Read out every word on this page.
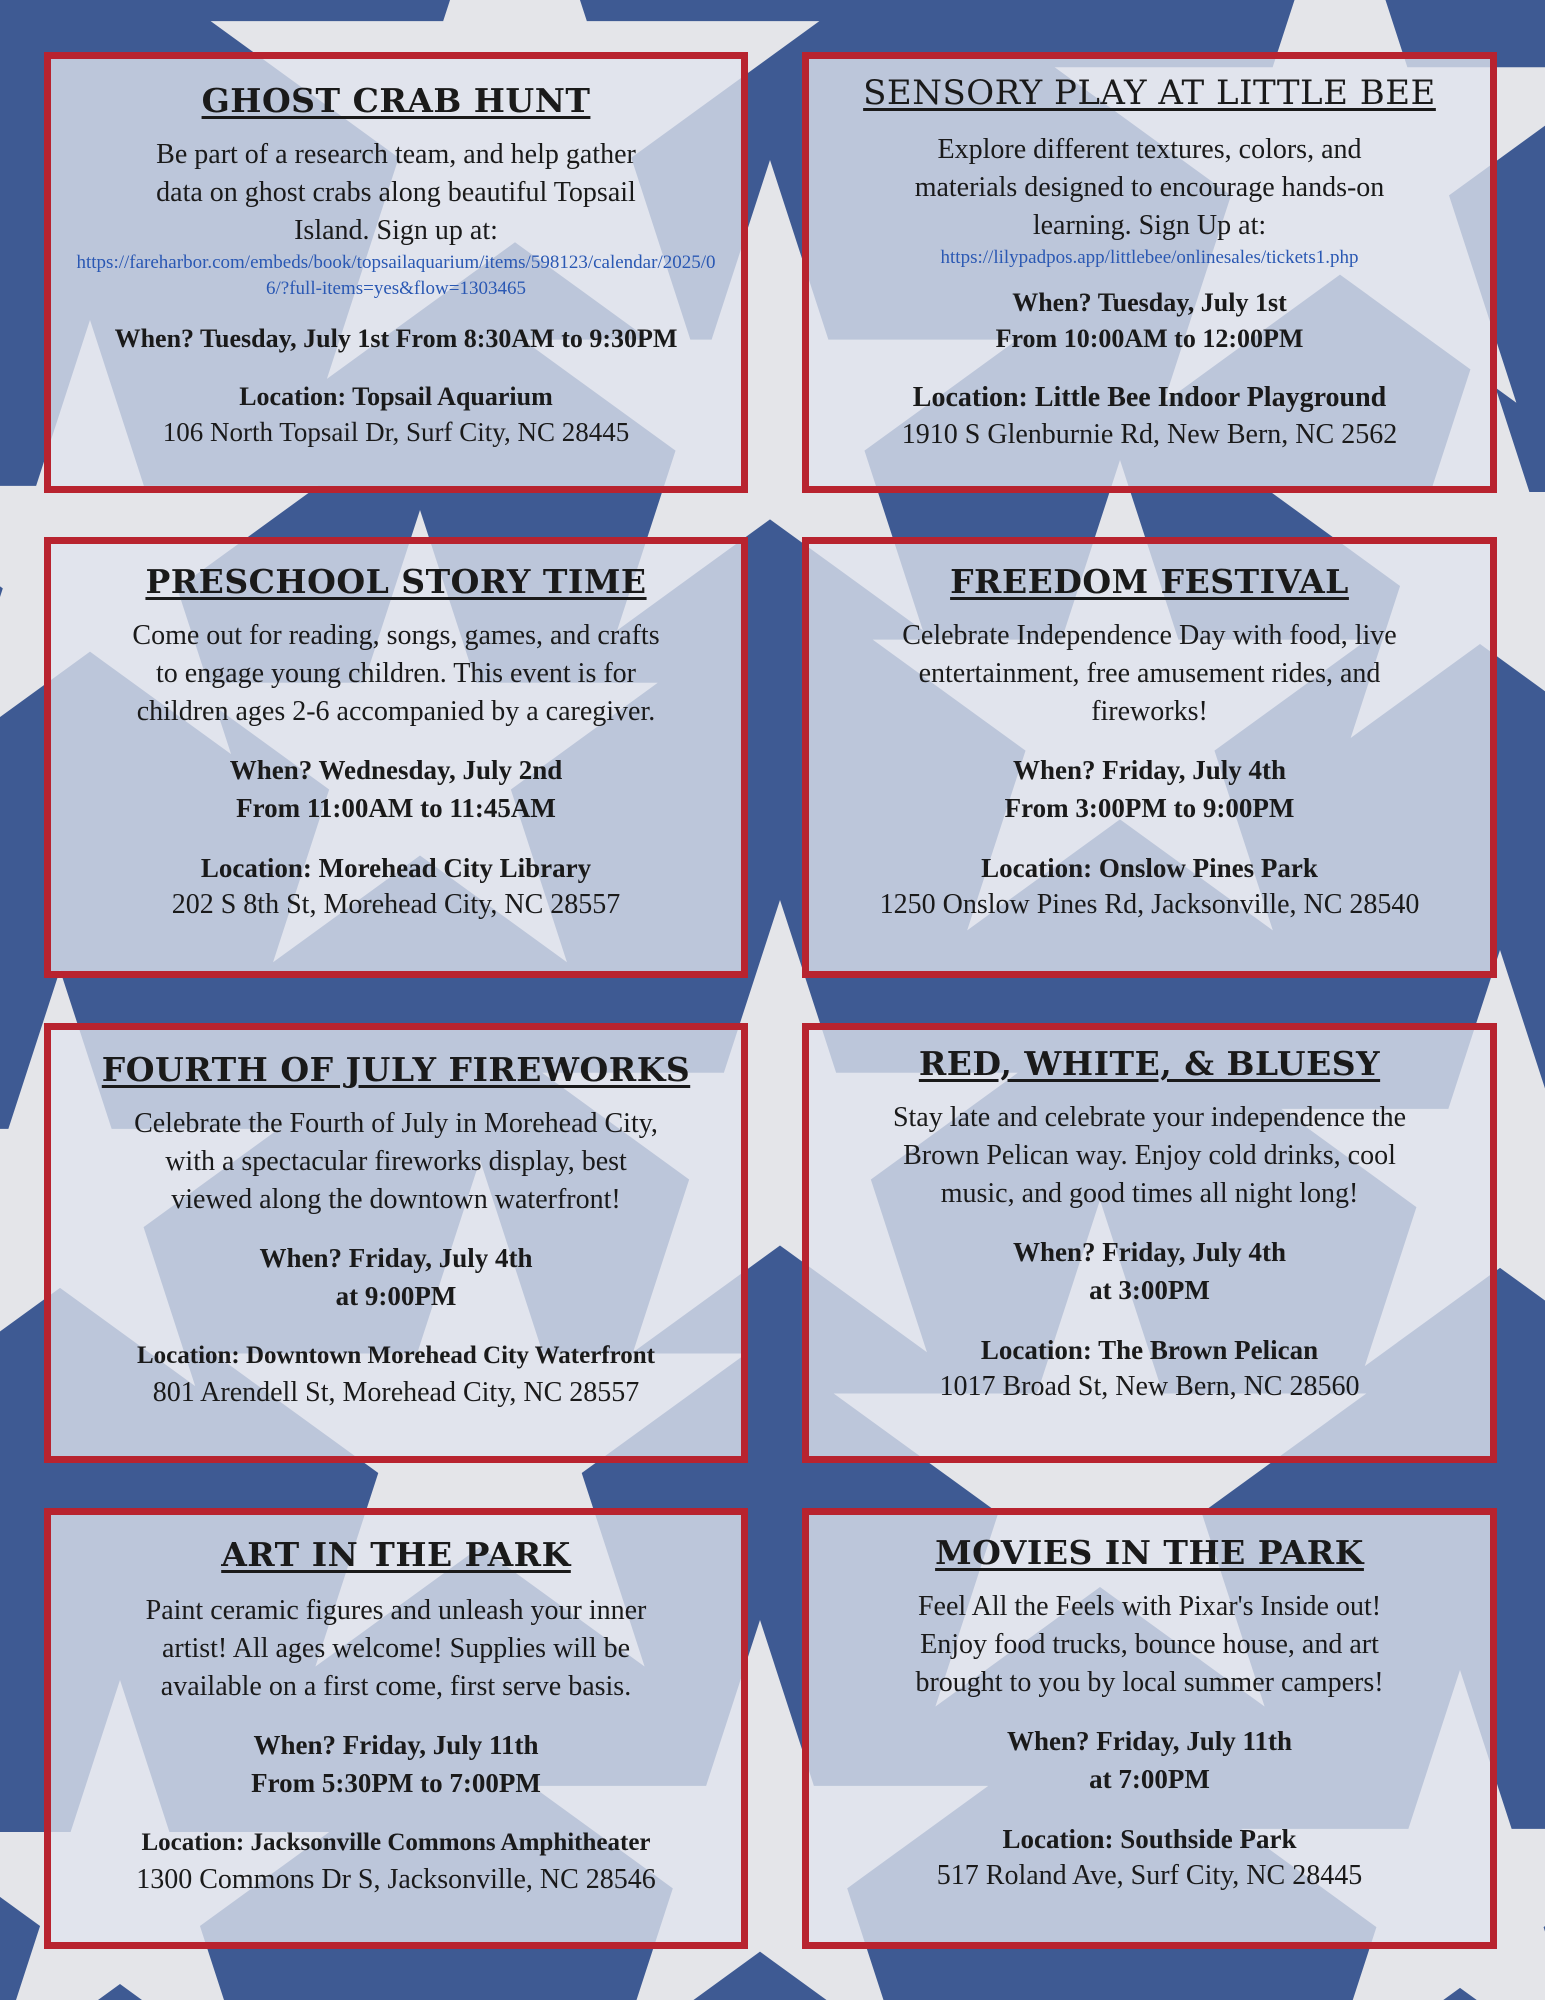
GHOST CRAB HUNT
Be part of a research team, and help gather
data on ghost crabs along beautiful Topsail
Island. Sign up at:
https://fareharbor.com/embeds/book/topsailaquarium/items/598123/calendar/2025/06/?full-items=yes&flow=1303465
When? Tuesday, July 1st From 8:30AM to 9:30PM
Location: Topsail Aquarium
106 North Topsail Dr, Surf City, NC 28445
SENSORY PLAY AT LITTLE BEE
Explore different textures, colors, and
materials designed to encourage hands-on
learning. Sign Up at:
https://lilypadpos.app/littlebee/onlinesales/tickets1.php
When? Tuesday, July 1st
From 10:00AM to 12:00PM
Location: Little Bee Indoor Playground
1910 S Glenburnie Rd, New Bern, NC 2562
PRESCHOOL STORY TIME
Come out for reading, songs, games, and crafts
to engage young children. This event is for
children ages 2-6 accompanied by a caregiver.
When? Wednesday, July 2nd
From 11:00AM to 11:45AM
Location: Morehead City Library
202 S 8th St, Morehead City, NC 28557
FREEDOM FESTIVAL
Celebrate Independence Day with food, live
entertainment, free amusement rides, and
fireworks!
When? Friday, July 4th
From 3:00PM to 9:00PM
Location: Onslow Pines Park
1250 Onslow Pines Rd, Jacksonville, NC 28540
FOURTH OF JULY FIREWORKS
Celebrate the Fourth of July in Morehead City,
with a spectacular fireworks display, best
viewed along the downtown waterfront!
When? Friday, July 4th
at 9:00PM
Location: Downtown Morehead City Waterfront
801 Arendell St, Morehead City, NC 28557
RED, WHITE, & BLUESY
Stay late and celebrate your independence the
Brown Pelican way. Enjoy cold drinks, cool
music, and good times all night long!
When? Friday, July 4th
at 3:00PM
Location: The Brown Pelican
1017 Broad St, New Bern, NC 28560
ART IN THE PARK
Paint ceramic figures and unleash your inner
artist! All ages welcome! Supplies will be
available on a first come, first serve basis.
When? Friday, July 11th
From 5:30PM to 7:00PM
Location: Jacksonville Commons Amphitheater
1300 Commons Dr S, Jacksonville, NC 28546
MOVIES IN THE PARK
Feel All the Feels with Pixar's Inside out!
Enjoy food trucks, bounce house, and art
brought to you by local summer campers!
When? Friday, July 11th
at 7:00PM
Location: Southside Park
517 Roland Ave, Surf City, NC 28445
